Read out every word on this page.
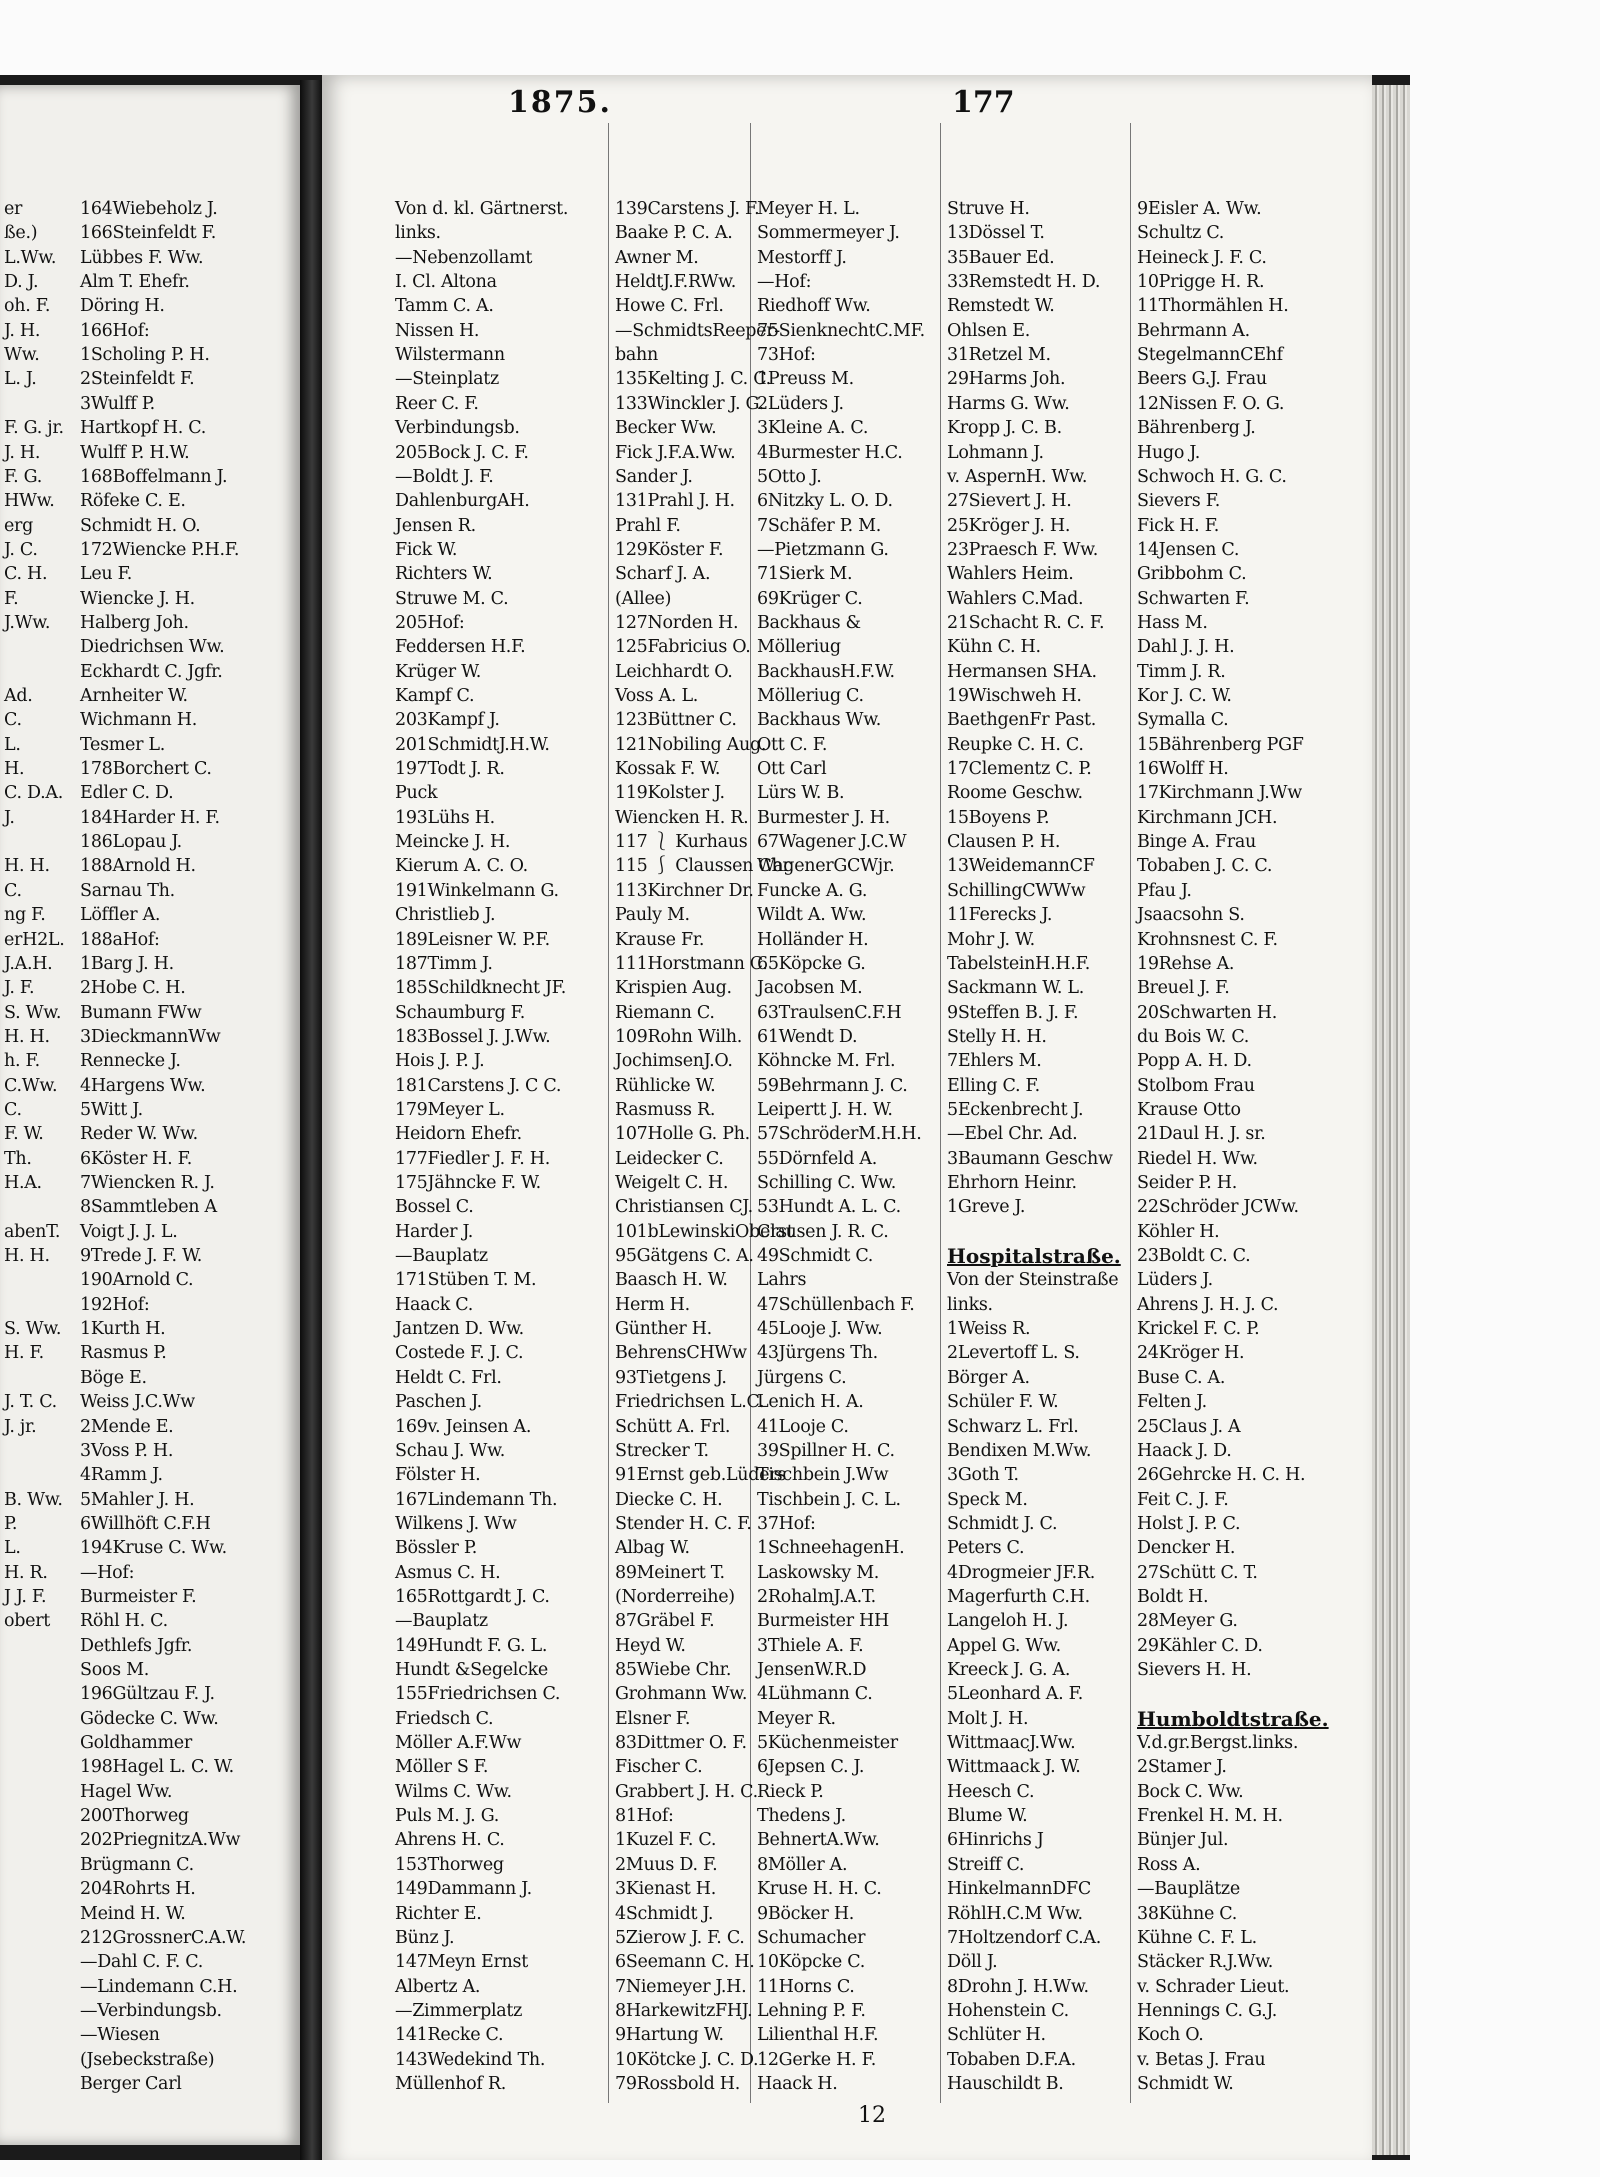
1875.	177
12
er
ße.)
L.Ww.
D. J.
oh. F.
J. H.
Ww.
L. J.
F. G. jr.
J. H.
F. G.
HWw.
erg
J. C.
C. H.
F.
J.Ww.
Ad.
C.
L.
H.
C. D.A.
J.
H. H.
C.
ng F.
erH2L.
J.A.H.
J. F.
S. Ww.
H. H.
h. F.
C.Ww.
C.
F. W.
Th.
H.A.
abenT.
H. H.
S. Ww.
H. F.
J. T. C.
J. jr.
B. Ww.
P.
L.
H. R.
J J. F.
obert
164Wiebeholz J.
166Steinfeldt F.
Lübbes F. Ww.
Alm T. Ehefr.
Döring H.
166Hof:
1Scholing P. H.
2Steinfeldt F.
3Wulff P.
Hartkopf H. C.
Wulff P. H.W.
168Boffelmann J.
Röfeke C. E.
Schmidt H. O.
172Wiencke P.H.F.
Leu F.
Wiencke J. H.
Halberg Joh.
Diedrichsen Ww.
Eckhardt C. Jgfr.
Arnheiter W.
Wichmann H.
Tesmer L.
178Borchert C.
Edler C. D.
184Harder H. F.
186Lopau J.
188Arnold H.
Sarnau Th.
Löffler A.
188aHof:
1Barg J. H.
2Hobe C. H.
Bumann FWw
3DieckmannWw
Rennecke J.
4Hargens Ww.
5Witt J.
Reder W. Ww.
6Köster H. F.
7Wiencken R. J.
8Sammtleben A
Voigt J. J. L.
9Trede J. F. W.
190Arnold C.
192Hof:
1Kurth H.
Rasmus P.
Böge E.
Weiss J.C.Ww
2Mende E.
3Voss P. H.
4Ramm J.
5Mahler J. H.
6Willhöft C.F.H
194Kruse C. Ww.
—Hof:
Burmeister F.
Röhl H. C.
Dethlefs Jgfr.
Soos M.
196Gültzau F. J.
Gödecke C. Ww.
Goldhammer
198Hagel L. C. W.
Hagel Ww.
200Thorweg
202PriegnitzA.Ww
Brügmann C.
204Rohrts H.
Meind H. W.
212GrossnerC.A.W.
—Dahl C. F. C.
—Lindemann C.H.
—Verbindungsb.
—Wiesen
(Jsebeckstraße)
Berger Carl
Von d. kl. Gärtnerst.
links.
—Nebenzollamt
I. Cl. Altona
Tamm C. A.
Nissen H.
Wilstermann
—Steinplatz
Reer C. F.
Verbindungsb.
205Bock J. C. F.
—Boldt J. F.
DahlenburgAH.
Jensen R.
Fick W.
Richters W.
Struwe M. C.
205Hof:
Feddersen H.F.
Krüger W.
Kampf C.
203Kampf J.
201SchmidtJ.H.W.
197Todt J. R.
Puck
193Lühs H.
Meincke J. H.
Kierum A. C. O.
191Winkelmann G.
Christlieb J.
189Leisner W. P.F.
187Timm J.
185Schildknecht JF.
Schaumburg F.
183Bossel J. J.Ww.
Hois J. P. J.
181Carstens J. C C.
179Meyer L.
Heidorn Ehefr.
177Fiedler J. F. H.
175Jähncke F. W.
Bossel C.
Harder J.
—Bauplatz
171Stüben T. M.
Haack C.
Jantzen D. Ww.
Costede F. J. C.
Heldt C. Frl.
Paschen J.
169v. Jeinsen A.
Schau J. Ww.
Fölster H.
167Lindemann Th.
Wilkens J. Ww
Bössler P.
Asmus C. H.
165Rottgardt J. C.
—Bauplatz
149Hundt F. G. L.
Hundt &Segelcke
155Friedrichsen C.
Friedsch C.
Möller A.F.Ww
Möller S F.
Wilms C. Ww.
Puls M. J. G.
Ahrens H. C.
153Thorweg
149Dammann J.
Richter E.
Bünz J.
147Meyn Ernst
Albertz A.
—Zimmerplatz
141Recke C.
143Wedekind Th.
Müllenhof R.
139Carstens J. F.
Baake P. C. A.
Awner M.
HeldtJ.F.RWw.
Howe C. Frl.
—SchmidtsReeper-
bahn
135Kelting J. C. C.
133Winckler J. G.
Becker Ww.
Fick J.F.A.Ww.
Sander J.
131Prahl J. H.
Prahl F.
129Köster F.
Scharf J. A.
(Allee)
127Norden H.
125Fabricius O.
Leichhardt O.
Voss A. L.
123Büttner C.
121Nobiling Aug.
Kossak F. W.
119Kolster J.
Wiencken H. R.
117 ⎱ Kurhaus
115 ⎰ Claussen Chr.
113Kirchner Dr.
Pauly M.
Krause Fr.
111Horstmann C.
Krispien Aug.
Riemann C.
109Rohn Wilh.
JochimsenJ.O.
Rühlicke W.
Rasmuss R.
107Holle G. Ph.
Leidecker C.
Weigelt C. H.
Christiansen CJ.
101bLewinskiOberst
95Gätgens C. A.
Baasch H. W.
Herm H.
Günther H.
BehrensCHWw
93Tietgens J.
Friedrichsen L.C.
Schütt A. Frl.
Strecker T.
91Ernst geb.Lüders
Diecke C. H.
Stender H. C. F.
Albag W.
89Meinert T.
(Norderreihe)
87Gräbel F.
Heyd W.
85Wiebe Chr.
Grohmann Ww.
Elsner F.
83Dittmer O. F.
Fischer C.
Grabbert J. H. C.
81Hof:
1Kuzel F. C.
2Muus D. F.
3Kienast H.
4Schmidt J.
5Zierow J. F. C.
6Seemann C. H.
7Niemeyer J.H.
8HarkewitzFHJ.
9Hartung W.
10Kötcke J. C. D.
79Rossbold H.
Meyer H. L.
Sommermeyer J.
Mestorff J.
—Hof:
Riedhoff Ww.
75SienknechtC.MF.
73Hof:
1Preuss M.
2Lüders J.
3Kleine A. C.
4Burmester H.C.
5Otto J.
6Nitzky L. O. D.
7Schäfer P. M.
—Pietzmann G.
71Sierk M.
69Krüger C.
Backhaus &
Mölleriug
BackhausH.F.W.
Mölleriug C.
Backhaus Ww.
Ott C. F.
Ott Carl
Lürs W. B.
Burmester J. H.
67Wagener J.C.W
WagenerGCWjr.
Funcke A. G.
Wildt A. Ww.
Holländer H.
65Köpcke G.
Jacobsen M.
63TraulsenC.F.H
61Wendt D.
Köhncke M. Frl.
59Behrmann J. C.
Leipertt J. H. W.
57SchröderM.H.H.
55Dörnfeld A.
Schilling C. Ww.
53Hundt A. L. C.
Clausen J. R. C.
49Schmidt C.
Lahrs
47Schüllenbach F.
45Looje J. Ww.
43Jürgens Th.
Jürgens C.
Lenich H. A.
41Looje C.
39Spillner H. C.
Tischbein J.Ww
Tischbein J. C. L.
37Hof:
1SchneehagenH.
Laskowsky M.
2RohalmJ.A.T.
Burmeister HH
3Thiele A. F.
JensenW.R.D
4Lühmann C.
Meyer R.
5Küchenmeister
6Jepsen C. J.
Rieck P.
Thedens J.
BehnertA.Ww.
8Möller A.
Kruse H. H. C.
9Böcker H.
Schumacher
10Köpcke C.
11Horns C.
Lehning P. F.
Lilienthal H.F.
12Gerke H. F.
Haack H.
Struve H.
13Dössel T.
35Bauer Ed.
33Remstedt H. D.
Remstedt W.
Ohlsen E.
31Retzel M.
29Harms Joh.
Harms G. Ww.
Kropp J. C. B.
Lohmann J.
v. AspernH. Ww.
27Sievert J. H.
25Kröger J. H.
23Praesch F. Ww.
Wahlers Heim.
Wahlers C.Mad.
21Schacht R. C. F.
Kühn C. H.
Hermansen SHA.
19Wischweh H.
BaethgenFr Past.
Reupke C. H. C.
17Clementz C. P.
Roome Geschw.
15Boyens P.
Clausen P. H.
13WeidemannCF
SchillingCWWw
11Ferecks J.
Mohr J. W.
TabelsteinH.H.F.
Sackmann W. L.
9Steffen B. J. F.
Stelly H. H.
7Ehlers M.
Elling C. F.
5Eckenbrecht J.
—Ebel Chr. Ad.
3Baumann Geschw
Ehrhorn Heinr.
1Greve J.
Hospitalstraße.
Von der Steinstraße
links.
1Weiss R.
2Levertoff L. S.
Börger A.
Schüler F. W.
Schwarz L. Frl.
Bendixen M.Ww.
3Goth T.
Speck M.
Schmidt J. C.
Peters C.
4Drogmeier JF.R.
Magerfurth C.H.
Langeloh H. J.
Appel G. Ww.
Kreeck J. G. A.
5Leonhard A. F.
Molt J. H.
WittmaacJ.Ww.
Wittmaack J. W.
Heesch C.
Blume W.
6Hinrichs J
Streiff C.
HinkelmannDFC
RöhlH.C.M Ww.
7Holtzendorf C.A.
Döll J.
8Drohn J. H.Ww.
Hohenstein C.
Schlüter H.
Tobaben D.F.A.
Hauschildt B.
9Eisler A. Ww.
Schultz C.
Heineck J. F. C.
10Prigge H. R.
11Thormählen H.
Behrmann A.
StegelmannCEhf
Beers G.J. Frau
12Nissen F. O. G.
Bährenberg J.
Hugo J.
Schwoch H. G. C.
Sievers F.
Fick H. F.
14Jensen C.
Gribbohm C.
Schwarten F.
Hass M.
Dahl J. J. H.
Timm J. R.
Kor J. C. W.
Symalla C.
15Bährenberg PGF
16Wolff H.
17Kirchmann J.Ww
Kirchmann JCH.
Binge A. Frau
Tobaben J. C. C.
Pfau J.
Jsaacsohn S.
Krohnsnest C. F.
19Rehse A.
Breuel J. F.
20Schwarten H.
du Bois W. C.
Popp A. H. D.
Stolbom Frau
Krause Otto
21Daul H. J. sr.
Riedel H. Ww.
Seider P. H.
22Schröder JCWw.
Köhler H.
23Boldt C. C.
Lüders J.
Ahrens J. H. J. C.
Krickel F. C. P.
24Kröger H.
Buse C. A.
Felten J.
25Claus J. A
Haack J. D.
26Gehrcke H. C. H.
Feit C. J. F.
Holst J. P. C.
Dencker H.
27Schütt C. T.
Boldt H.
28Meyer G.
29Kähler C. D.
Sievers H. H.
Humboldtstraße.
V.d.gr.Bergst.links.
2Stamer J.
Bock C. Ww.
Frenkel H. M. H.
Bünjer Jul.
Ross A.
—Bauplätze
38Kühne C.
Kühne C. F. L.
Stäcker R.J.Ww.
v. Schrader Lieut.
Hennings C. G.J.
Koch O.
v. Betas J. Frau
Schmidt W.
